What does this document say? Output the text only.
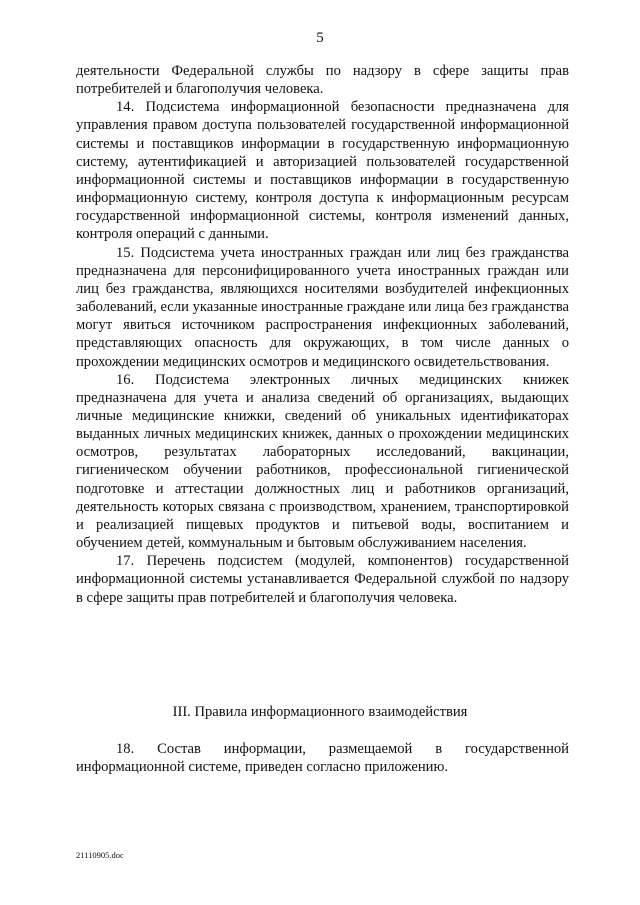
5

деятельности Федеральной службы по надзору в сфере защиты прав потребителей и благополучия человека.

14. Подсистема информационной безопасности предназначена для управления правом доступа пользователей государственной информационной системы и поставщиков информации в государственную информационную систему, аутентификацией и авторизацией пользователей государственной информационной системы и поставщиков информации в государственную информационную систему, контроля доступа к информационным ресурсам государственной информационной системы, контроля изменений данных, контроля операций с данными.

15. Подсистема учета иностранных граждан или лиц без гражданства предназначена для персонифицированного учета иностранных граждан или лиц без гражданства, являющихся носителями возбудителей инфекционных заболеваний, если указанные иностранные граждане или лица без гражданства могут явиться источником распространения инфекционных заболеваний, представляющих опасность для окружающих, в том числе данных о прохождении медицинских осмотров и медицинского освидетельствования.

16. Подсистема электронных личных медицинских книжек предназначена для учета и анализа сведений об организациях, выдающих личные медицинские книжки, сведений об уникальных идентификаторах выданных личных медицинских книжек, данных о прохождении медицинских осмотров, результатах лабораторных исследований, вакцинации, гигиеническом обучении работников, профессиональной гигиенической подготовке и аттестации должностных лиц и работников организаций, деятельность которых связана с производством, хранением, транспортировкой и реализацией пищевых продуктов и питьевой воды, воспитанием и обучением детей, коммунальным и бытовым обслуживанием населения.

17. Перечень подсистем (модулей, компонентов) государственной информационной системы устанавливается Федеральной службой по надзору в сфере защиты прав потребителей и благополучия человека.

III. Правила информационного взаимодействия

18. Состав информации, размещаемой в государственной информационной системе, приведен согласно приложению.

21110905.doc
